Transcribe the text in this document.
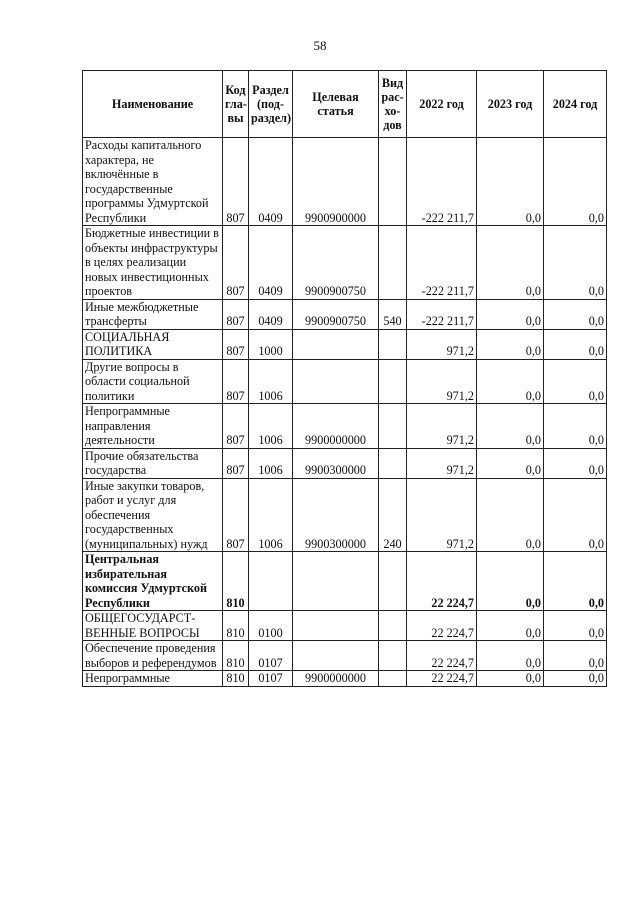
58
Наименование	Код гла- вы	Раздел (под- раздел)	Целевая статья	Вид рас- хо- дов	2022 год	2023 год	2024 год
Расходы капитального характера, не включённые в государственные программы Удмуртской Республики	807	0409	9900900000		-222 211,7	0,0	0,0
Бюджетные инвестиции в объекты инфраструктуры в целях реализации новых инвестиционных проектов	807	0409	9900900750		-222 211,7	0,0	0,0
Иные межбюджетные трансферты	807	0409	9900900750	540	-222 211,7	0,0	0,0
СОЦИАЛЬНАЯ ПОЛИТИКА	807	1000			971,2	0,0	0,0
Другие вопросы в области социальной политики	807	1006			971,2	0,0	0,0
Непрограммные направления деятельности	807	1006	9900000000		971,2	0,0	0,0
Прочие обязательства государства	807	1006	9900300000		971,2	0,0	0,0
Иные закупки товаров, работ и услуг для обеспечения государственных (муниципальных) нужд	807	1006	9900300000	240	971,2	0,0	0,0
Центральная избирательная комиссия Удмуртской Республики	810				22 224,7	0,0	0,0
ОБЩЕГОСУДАРСТ- ВЕННЫЕ ВОПРОСЫ	810	0100			22 224,7	0,0	0,0
Обеспечение проведения выборов и референдумов	810	0107			22 224,7	0,0	0,0
Непрограммные	810	0107	9900000000		22 224,7	0,0	0,0
